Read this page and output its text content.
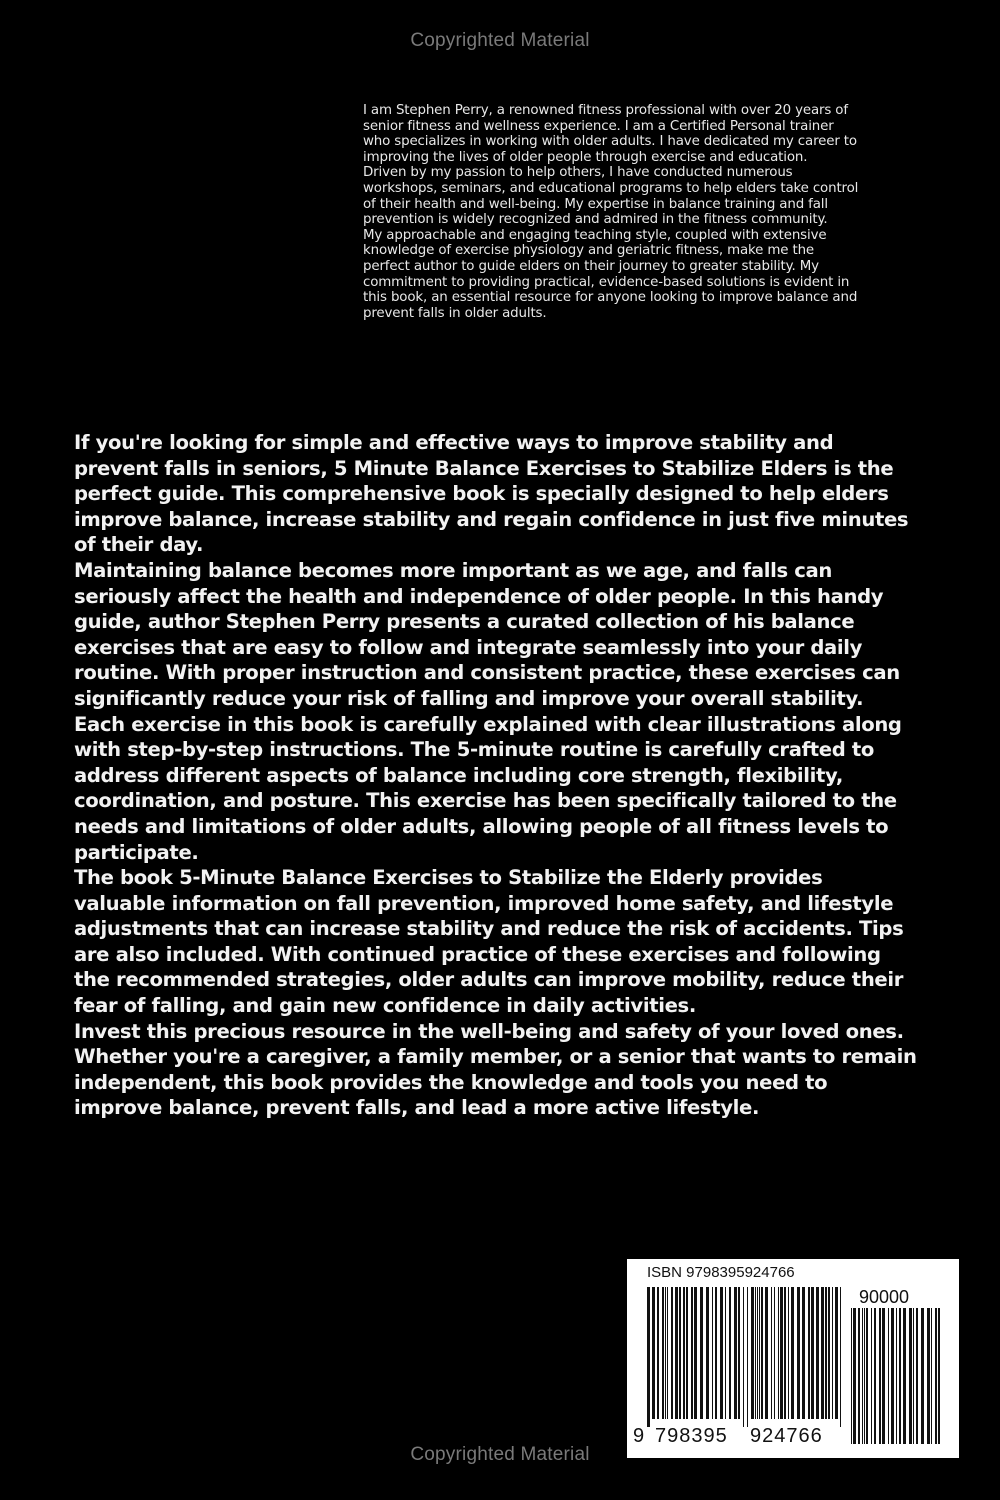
Copyrighted Material
I am Stephen Perry, a renowned fitness professional with over 20 years of
senior fitness and wellness experience. I am a Certified Personal trainer
who specializes in working with older adults. I have dedicated my career to
improving the lives of older people through exercise and education.
Driven by my passion to help others, I have conducted numerous
workshops, seminars, and educational programs to help elders take control
of their health and well-being. My expertise in balance training and fall
prevention is widely recognized and admired in the fitness community.
My approachable and engaging teaching style, coupled with extensive
knowledge of exercise physiology and geriatric fitness, make me the
perfect author to guide elders on their journey to greater stability. My
commitment to providing practical, evidence-based solutions is evident in
this book, an essential resource for anyone looking to improve balance and
prevent falls in older adults.

If you're looking for simple and effective ways to improve stability and
prevent falls in seniors, 5 Minute Balance Exercises to Stabilize Elders is the
perfect guide. This comprehensive book is specially designed to help elders
improve balance, increase stability and regain confidence in just five minutes
of their day.
Maintaining balance becomes more important as we age, and falls can
seriously affect the health and independence of older people. In this handy
guide, author Stephen Perry presents a curated collection of his balance
exercises that are easy to follow and integrate seamlessly into your daily
routine. With proper instruction and consistent practice, these exercises can
significantly reduce your risk of falling and improve your overall stability.
Each exercise in this book is carefully explained with clear illustrations along
with step-by-step instructions. The 5-minute routine is carefully crafted to
address different aspects of balance including core strength, flexibility,
coordination, and posture. This exercise has been specifically tailored to the
needs and limitations of older adults, allowing people of all fitness levels to
participate.
The book 5-Minute Balance Exercises to Stabilize the Elderly provides
valuable information on fall prevention, improved home safety, and lifestyle
adjustments that can increase stability and reduce the risk of accidents. Tips
are also included. With continued practice of these exercises and following
the recommended strategies, older adults can improve mobility, reduce their
fear of falling, and gain new confidence in daily activities.
Invest this precious resource in the well-being and safety of your loved ones.
Whether you're a caregiver, a family member, or a senior that wants to remain
independent, this book provides the knowledge and tools you need to
improve balance, prevent falls, and lead a more active lifestyle.
ISBN 9798395924766
90000
9 798395 924766
Copyrighted Material
